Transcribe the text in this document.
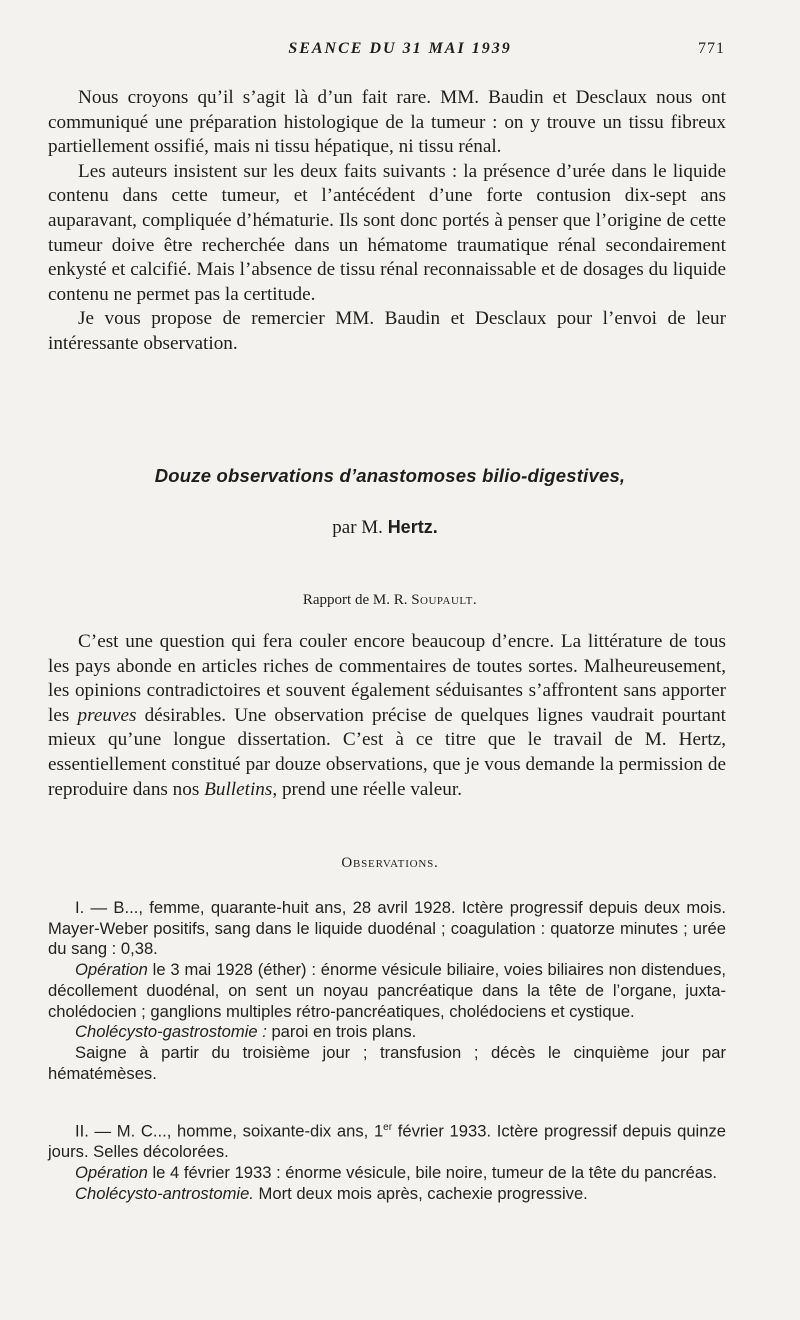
SEANCE DU 31 MAI 1939	771

Nous croyons qu’il s’agit là d’un fait rare. MM. Baudin et Desclaux nous ont communiqué une préparation histologique de la tumeur : on y trouve un tissu fibreux partiellement ossifié, mais ni tissu hépatique, ni tissu rénal.

Les auteurs insistent sur les deux faits suivants : la présence d’urée dans le liquide contenu dans cette tumeur, et l’antécédent d’une forte contusion dix-sept ans auparavant, compliquée d’hématurie. Ils sont donc portés à penser que l’origine de cette tumeur doive être recherchée dans un hématome traumatique rénal secondairement enkysté et calcifié. Mais l’absence de tissu rénal reconnaissable et de dosages du liquide contenu ne permet pas la certitude.

Je vous propose de remercier MM. Baudin et Desclaux pour l’envoi de leur intéressante observation.

Douze observations d’anastomoses bilio-digestives,
par M. Hertz.
Rapport de M. R. Soupault.

C’est une question qui fera couler encore beaucoup d’encre. La littérature de tous les pays abonde en articles riches de commentaires de toutes sortes. Malheureusement, les opinions contradictoires et souvent également séduisantes s’affrontent sans apporter les preuves désirables. Une observation précise de quelques lignes vaudrait pourtant mieux qu’une longue dissertation. C’est à ce titre que le travail de M. Hertz, essentiellement constitué par douze observations, que je vous demande la permission de reproduire dans nos Bulletins, prend une réelle valeur.

Observations.

I. — B..., femme, quarante-huit ans, 28 avril 1928. Ictère progressif depuis deux mois. Mayer-Weber positifs, sang dans le liquide duodénal ; coagulation : quatorze minutes ; urée du sang : 0,38.

Opération le 3 mai 1928 (éther) : énorme vésicule biliaire, voies biliaires non distendues, décollement duodénal, on sent un noyau pancréatique dans la tête de l’organe, juxta-cholédocien ; ganglions multiples rétro-pancréatiques, cholédociens et cystique.

Cholécysto-gastrostomie : paroi en trois plans.

Saigne à partir du troisième jour ; transfusion ; décès le cinquième jour par hématémèses.

II. — M. C..., homme, soixante-dix ans, 1er février 1933. Ictère progressif depuis quinze jours. Selles décolorées.

Opération le 4 février 1933 : énorme vésicule, bile noire, tumeur de la tête du pancréas.

Cholécysto-antrostomie. Mort deux mois après, cachexie progressive.
